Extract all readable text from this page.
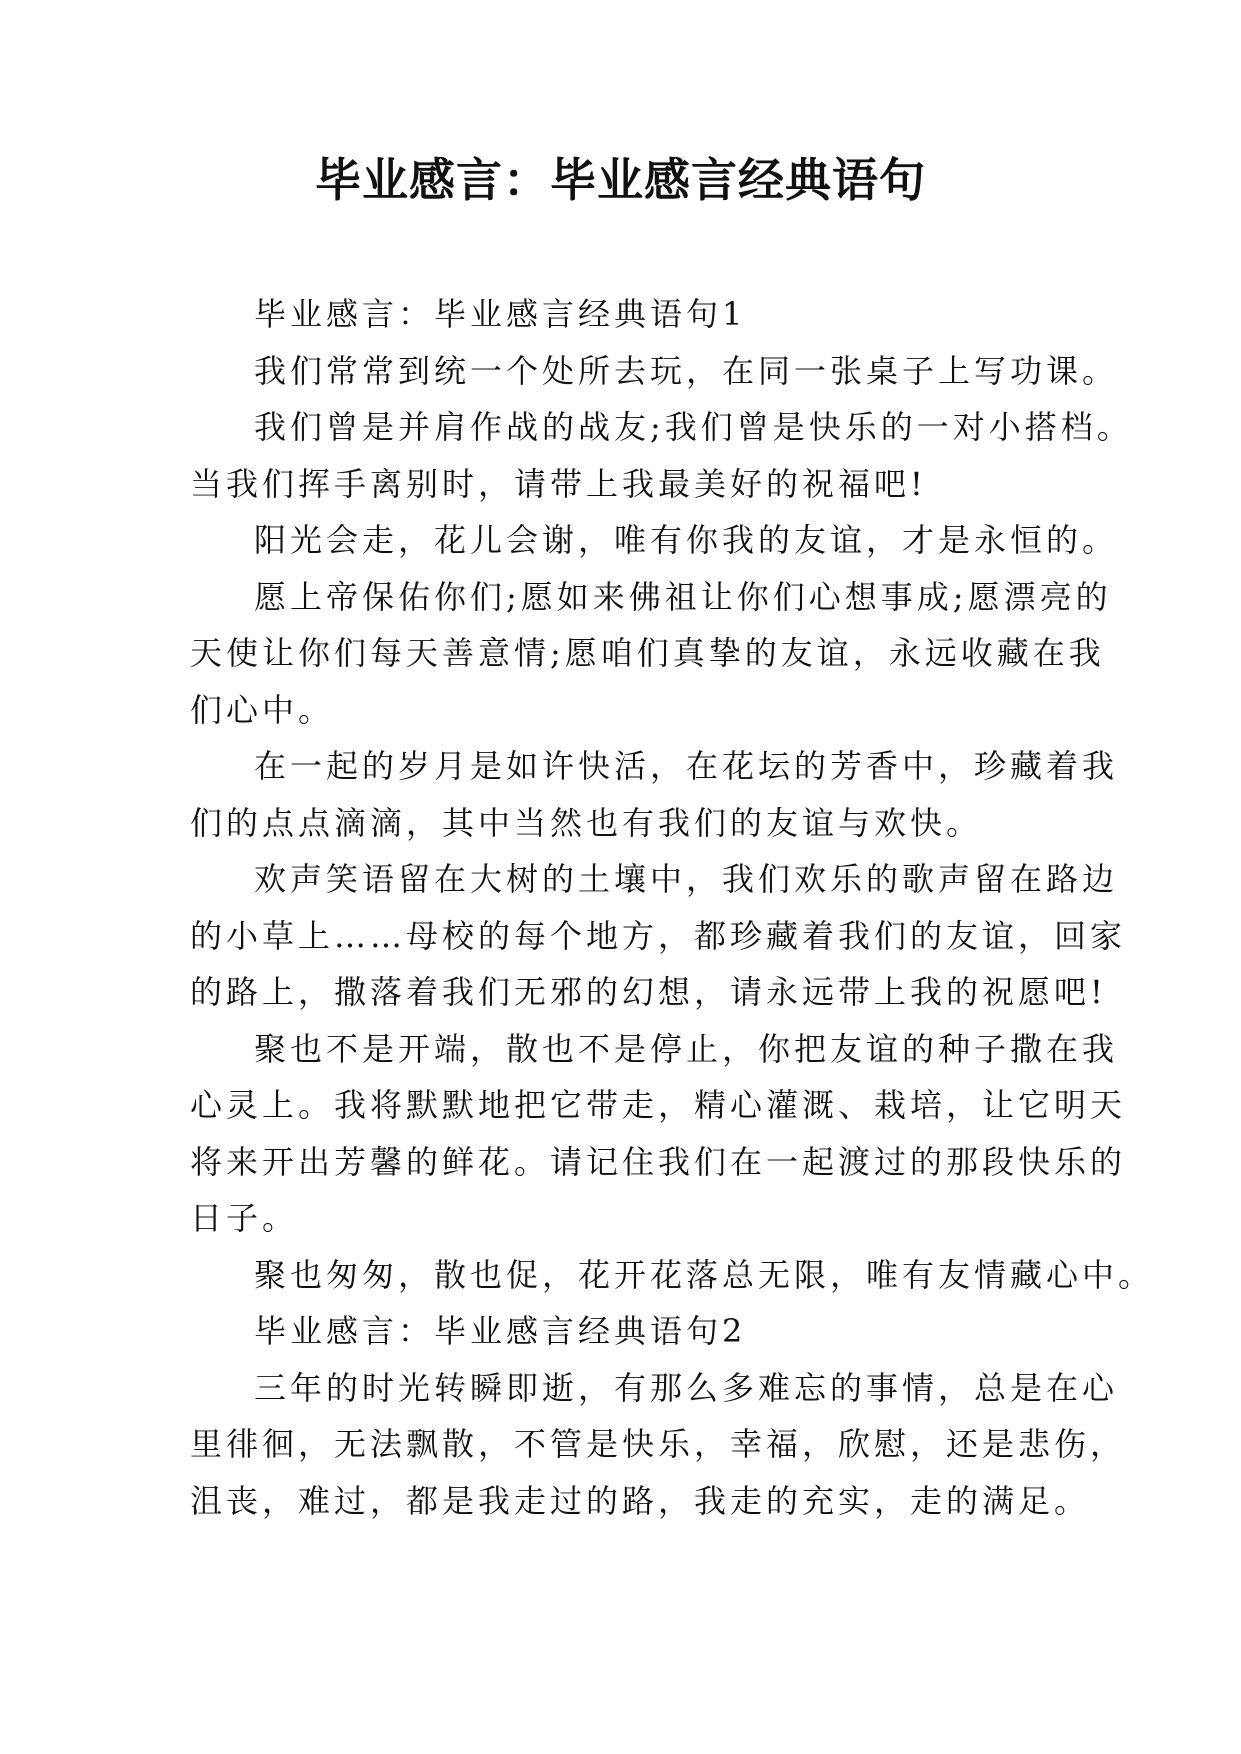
毕业感言：毕业感言经典语句

毕业感言：毕业感言经典语句1

我们常常到统一个处所去玩，在同一张桌子上写功课。

我们曾是并肩作战的战友;我们曾是快乐的一对小搭档。
当我们挥手离别时，请带上我最美好的祝福吧!

阳光会走，花儿会谢，唯有你我的友谊，才是永恒的。

愿上帝保佑你们;愿如来佛祖让你们心想事成;愿漂亮的
天使让你们每天善意情;愿咱们真挚的友谊，永远收藏在我
们心中。

在一起的岁月是如许快活，在花坛的芳香中，珍藏着我
们的点点滴滴，其中当然也有我们的友谊与欢快。

欢声笑语留在大树的土壤中，我们欢乐的歌声留在路边
的小草上……母校的每个地方，都珍藏着我们的友谊，回家
的路上，撒落着我们无邪的幻想，请永远带上我的祝愿吧!

聚也不是开端，散也不是停止，你把友谊的种子撒在我
心灵上。我将默默地把它带走，精心灌溉、栽培，让它明天
将来开出芳馨的鲜花。请记住我们在一起渡过的那段快乐的
日子。

聚也匆匆，散也促，花开花落总无限，唯有友情藏心中。

毕业感言：毕业感言经典语句2

三年的时光转瞬即逝，有那么多难忘的事情，总是在心
里徘徊，无法飘散，不管是快乐，幸福，欣慰，还是悲伤，
沮丧，难过，都是我走过的路，我走的充实，走的满足。
